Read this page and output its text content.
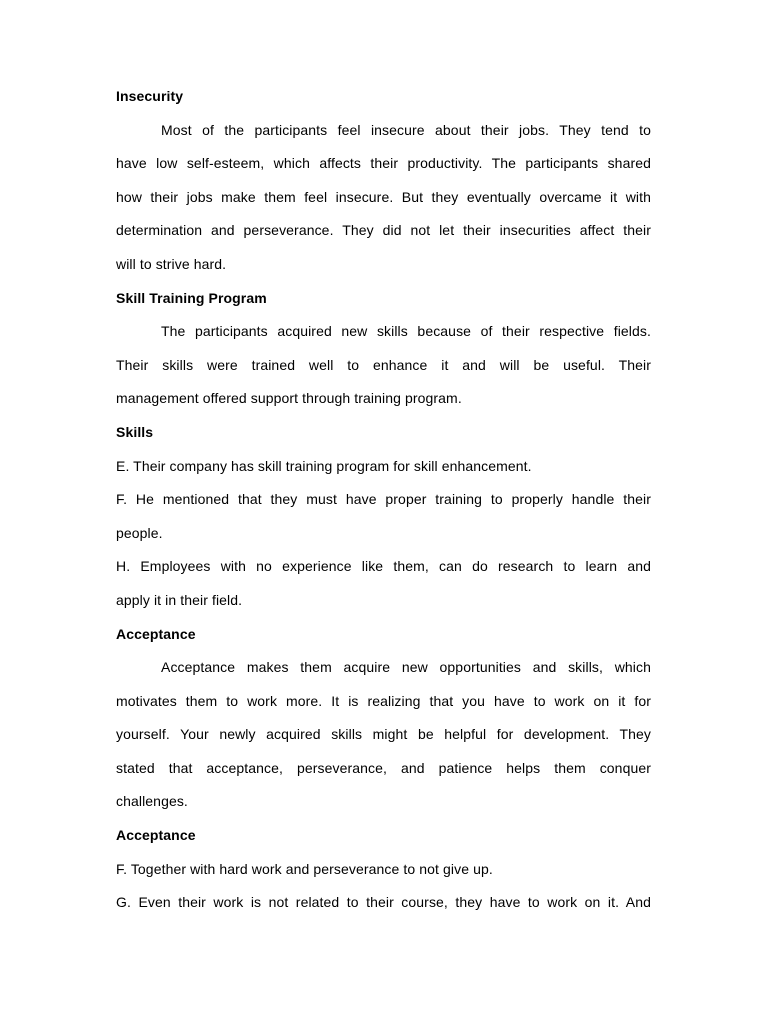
Insecurity
Most of the participants feel insecure about their jobs. They tend to
have low self-esteem, which affects their productivity. The participants shared
how their jobs make them feel insecure. But they eventually overcame it with
determination and perseverance. They did not let their insecurities affect their
will to strive hard.
Skill Training Program
The participants acquired new skills because of their respective fields.
Their skills were trained well to enhance it and will be useful. Their
management offered support through training program.
Skills
E. Their company has skill training program for skill enhancement.
F. He mentioned that they must have proper training to properly handle their
people.
H. Employees with no experience like them, can do research to learn and
apply it in their field.
Acceptance
Acceptance makes them acquire new opportunities and skills, which
motivates them to work more. It is realizing that you have to work on it for
yourself. Your newly acquired skills might be helpful for development. They
stated that acceptance, perseverance, and patience helps them conquer
challenges.
Acceptance
F. Together with hard work and perseverance to not give up.
G. Even their work is not related to their course, they have to work on it. And
